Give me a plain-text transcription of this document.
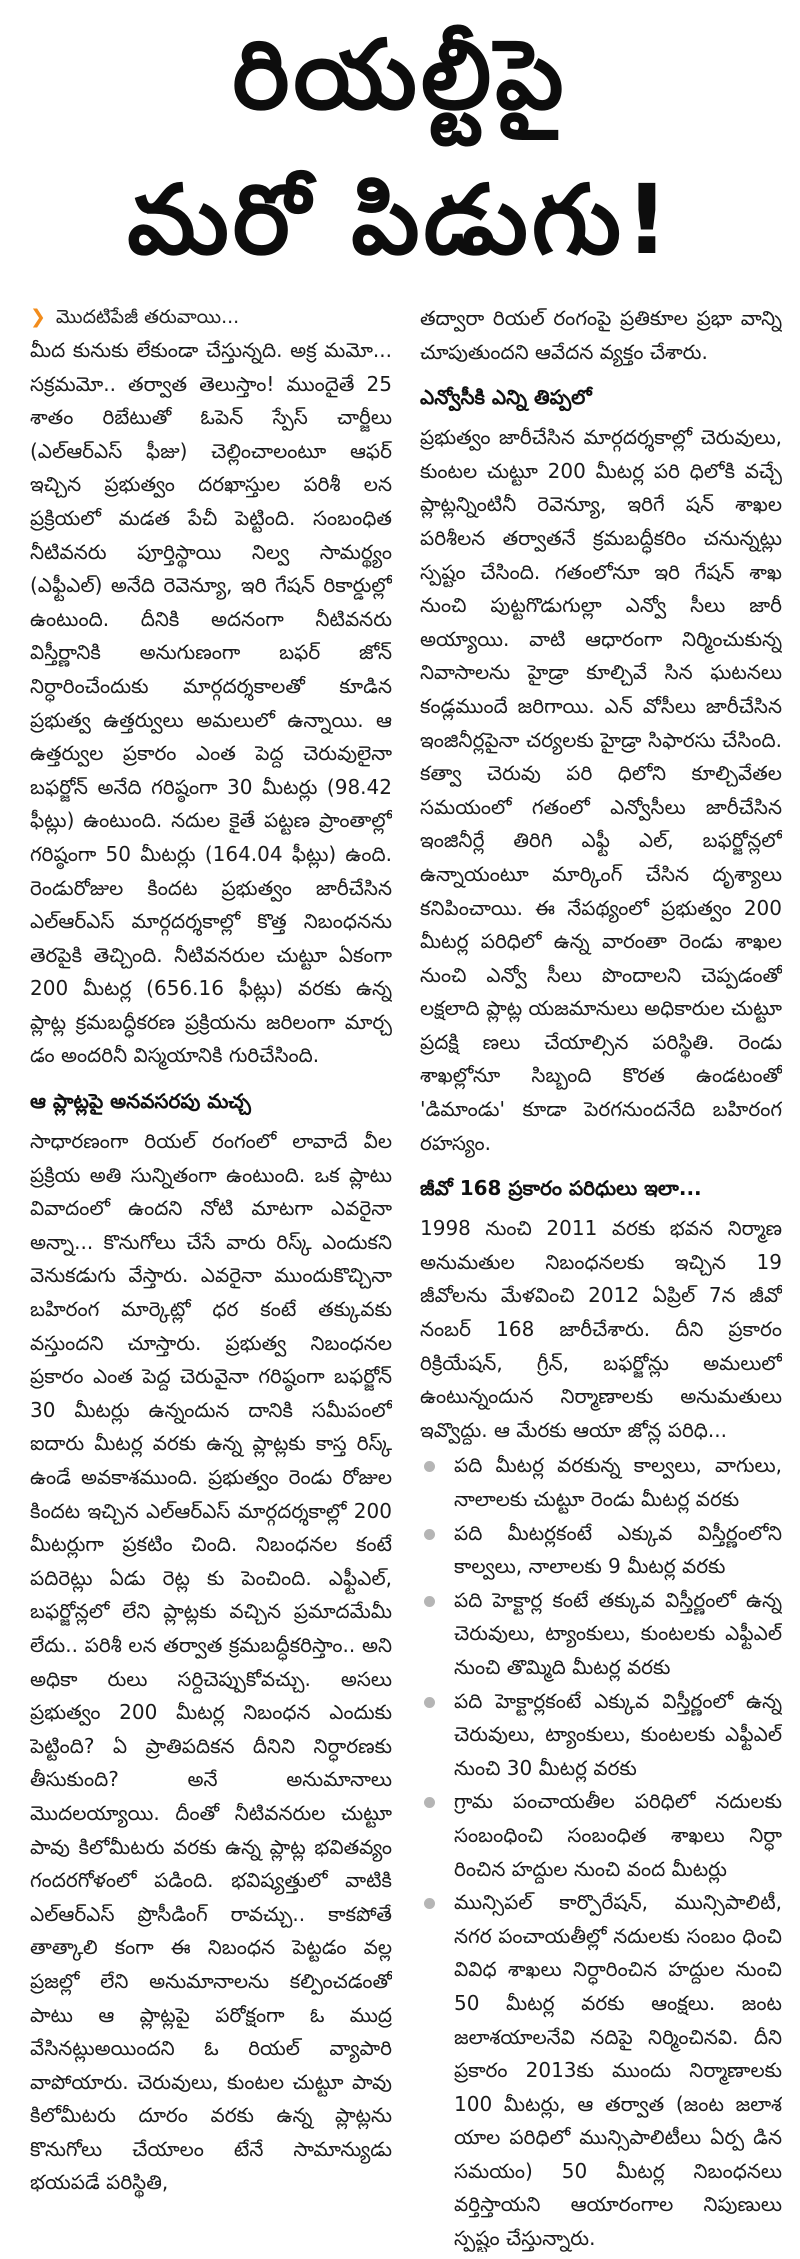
రియల్టీపై
మరో పిడుగు!
❯ మొదటిపేజీ తరువాయి...

మీద కునుకు లేకుండా చేస్తున్నది. అక్ర మమో... సక్రమమో.. తర్వాత తెలుస్తాం! ముందైతే 25 శాతం రిబేటుతో ఓపెన్ స్పేస్ చార్జీలు (ఎల్ఆర్ఎస్ ఫీజు) చెల్లించాలంటూ ఆఫర్ ఇచ్చిన ప్రభుత్వం దరఖాస్తుల పరిశీ లన ప్రక్రియలో మడత పేచీ పెట్టింది. సంబంధిత నీటివనరు పూర్తిస్థాయి నిల్వ సామర్థ్యం (ఎఫ్టీఎల్) అనేది రెవెన్యూ, ఇరి గేషన్ రికార్డుల్లో ఉంటుంది. దీనికి అదనంగా నీటివనరు విస్తీర్ణానికి అనుగుణంగా బఫర్ జోన్ నిర్ధారించేందుకు మార్గదర్శకాలతో కూడిన ప్రభుత్వ ఉత్తర్వులు అమలులో ఉన్నాయి. ఆ ఉత్తర్వుల ప్రకారం ఎంత పెద్ద చెరువులైనా బఫర్జోన్ అనేది గరిష్ఠంగా 30 మీటర్లు (98.42 ఫీట్లు) ఉంటుంది. నదుల కైతే పట్టణ ప్రాంతాల్లో గరిష్ఠంగా 50 మీటర్లు (164.04 ఫీట్లు) ఉంది. రెండురోజుల కిందట ప్రభుత్వం జారీచేసిన ఎల్ఆర్ఎస్ మార్గదర్శకాల్లో కొత్త నిబంధనను తెరపైకి తెచ్చింది. నీటివనరుల చుట్టూ ఏకంగా 200 మీటర్ల (656.16 ఫీట్లు) వరకు ఉన్న ప్లాట్ల క్రమబద్ధీకరణ ప్రక్రియను జరిలంగా మార్చ డం అందరినీ విస్మయానికి గురిచేసింది.

ఆ ప్లాట్లపై అనవసరపు మచ్చ

సాధారణంగా రియల్ రంగంలో లావాదే వీల ప్రక్రియ అతి సున్నితంగా ఉంటుంది. ఒక ప్లాటు వివాదంలో ఉందని నోటి మాటగా ఎవరైనా అన్నా... కొనుగోలు చేసే వారు రిస్క్ ఎందుకని వెనుకడుగు వేస్తారు. ఎవరైనా ముందుకొచ్చినా బహిరంగ మార్కెట్లో ధర కంటే తక్కువకు వస్తుందని చూస్తారు. ప్రభుత్వ నిబంధనల ప్రకారం ఎంత పెద్ద చెరువైనా గరిష్ఠంగా బఫర్జోన్ 30 మీటర్లు ఉన్నందున దానికి సమీపంలో ఐదారు మీటర్ల వరకు ఉన్న ప్లాట్లకు కాస్త రిస్క్ ఉండే అవకాశముంది. ప్రభుత్వం రెండు రోజుల కిందట ఇచ్చిన ఎల్ఆర్ఎస్ మార్గదర్శకాల్లో 200 మీటర్లుగా ప్రకటిం చింది. నిబంధనల కంటే పదిరెట్లు ఏడు రెట్ల కు పెంచింది. ఎఫ్టీఎల్, బఫర్జోన్లలో లేని ప్లాట్లకు వచ్చిన ప్రమాదమేమీ లేదు.. పరిశీ లన తర్వాత క్రమబద్ధీకరిస్తాం.. అని అధికా రులు సర్దిచెప్పుకోవచ్చు. అసలు ప్రభుత్వం 200 మీటర్ల నిబంధన ఎందుకు పెట్టింది? ఏ ప్రాతిపదికన దీనిని నిర్ధారణకు తీసుకుంది? అనే అనుమానాలు మొదలయ్యాయి. దీంతో నీటివనరుల చుట్టూ పావు కిలోమీటరు వరకు ఉన్న ప్లాట్ల భవితవ్యం గందరగోళంలో పడింది. భవిష్యత్తులో వాటికి ఎల్ఆర్ఎస్ ప్రొసీడింగ్ రావచ్చు.. కాకపోతే తాత్కాలి కంగా ఈ నిబంధన పెట్టడం వల్ల ప్రజల్లో లేని అనుమానాలను కల్పించడంతో పాటు ఆ ప్లాట్లపై పరోక్షంగా ఓ ముద్ర వేసినట్లుఅయిందని ఓ రియల్ వ్యాపారి వాపోయారు. చెరువులు, కుంటల చుట్టూ పావు కిలోమీటరు దూరం వరకు ఉన్న ప్లాట్లను కొనుగోలు చేయాలం టేనే సామాన్యుడు భయపడే పరిస్థితి,

తద్వారా రియల్ రంగంపై ప్రతికూల ప్రభా వాన్ని చూపుతుందని ఆవేదన వ్యక్తం చేశారు.

ఎన్వోసీకి ఎన్ని తిప్పలో

ప్రభుత్వం జారీచేసిన మార్గదర్శకాల్లో చెరువులు, కుంటల చుట్టూ 200 మీటర్ల పరి ధిలోకి వచ్చే ప్లాట్లన్నింటినీ రెవెన్యూ, ఇరిగే షన్ శాఖల పరిశీలన తర్వాతనే క్రమబద్ధీకరిం చనున్నట్లు స్పష్టం చేసింది. గతంలోనూ ఇరి గేషన్ శాఖ నుంచి పుట్టగొడుగుల్లా ఎన్వో సీలు జారీ అయ్యాయి. వాటి ఆధారంగా నిర్మించుకున్న నివాసాలను హైడ్రా కూల్చివే సిన ఘటనలు కండ్లముందే జరిగాయి. ఎన్ వోసీలు జారీచేసిన ఇంజినీర్లపైనా చర్యలకు హైడ్రా సిఫారసు చేసింది. కత్వా చెరువు పరి ధిలోని కూల్చివేతల సమయంలో గతంలో ఎన్వోసీలు జారీచేసిన ఇంజినీర్లే తిరిగి ఎఫ్టీ ఎల్, బఫర్జోన్లలో ఉన్నాయంటూ మార్కింగ్ చేసిన దృశ్యాలు కనిపించాయి. ఈ నేపథ్యంలో ప్రభుత్వం 200 మీటర్ల పరిధిలో ఉన్న వారంతా రెండు శాఖల నుంచి ఎన్వో సీలు పొందాలని చెప్పడంతో లక్షలాది ప్లాట్ల యజమానులు అధికారుల చుట్టూ ప్రదక్షి ణలు చేయాల్సిన పరిస్థితి. రెండు శాఖల్లోనూ సిబ్బంది కొరత ఉండటంతో 'డిమాండు' కూడా పెరగనుందనేది బహిరంగ రహస్యం.

జీవో 168 ప్రకారం పరిధులు ఇలా...

1998 నుంచి 2011 వరకు భవన నిర్మాణ అనుమతుల నిబంధనలకు ఇచ్చిన 19 జీవోలను మేళవించి 2012 ఏప్రిల్ 7న జీవో నంబర్ 168 జారీచేశారు. దీని ప్రకారం రిక్రియేషన్, గ్రీన్, బఫర్జోన్లు అమలులో ఉంటున్నందున నిర్మాణాలకు అనుమతులు ఇవ్వొద్దు. ఆ మేరకు ఆయా జోన్ల పరిధి...

పది మీటర్ల వరకున్న కాల్వలు, వాగులు, నాలాలకు చుట్టూ రెండు మీటర్ల వరకు
పది మీటర్లకంటే ఎక్కువ విస్తీర్ణంలోని కాల్వలు, నాలాలకు 9 మీటర్ల వరకు
పది హెక్టార్ల కంటే తక్కువ విస్తీర్ణంలో ఉన్న చెరువులు, ట్యాంకులు, కుంటలకు ఎఫ్టీఎల్ నుంచి తొమ్మిది మీటర్ల వరకు
పది హెక్టార్లకంటే ఎక్కువ విస్తీర్ణంలో ఉన్న చెరువులు, ట్యాంకులు, కుంటలకు ఎఫ్టీఎల్ నుంచి 30 మీటర్ల వరకు
గ్రామ పంచాయతీల పరిధిలో నదులకు సంబంధించి సంబంధిత శాఖలు నిర్ధా రించిన హద్దుల నుంచి వంద మీటర్లు
మున్సిపల్ కార్పొరేషన్, మున్సిపాలిటీ, నగర పంచాయతీల్లో నదులకు సంబం ధించి వివిధ శాఖలు నిర్ధారించిన హద్దుల నుంచి 50 మీటర్ల వరకు ఆంక్షలు. జంట జలాశయాలనేవి నదిపై నిర్మించినవి. దీని ప్రకారం 2013కు ముందు నిర్మాణాలకు 100 మీటర్లు, ఆ తర్వాత (జంట జలాశ యాల పరిధిలో మున్సిపాలిటీలు ఏర్ప డిన సమయం) 50 మీటర్ల నిబంధనలు వర్తిస్తాయని ఆయారంగాల నిపుణులు స్పష్టం చేస్తున్నారు.
